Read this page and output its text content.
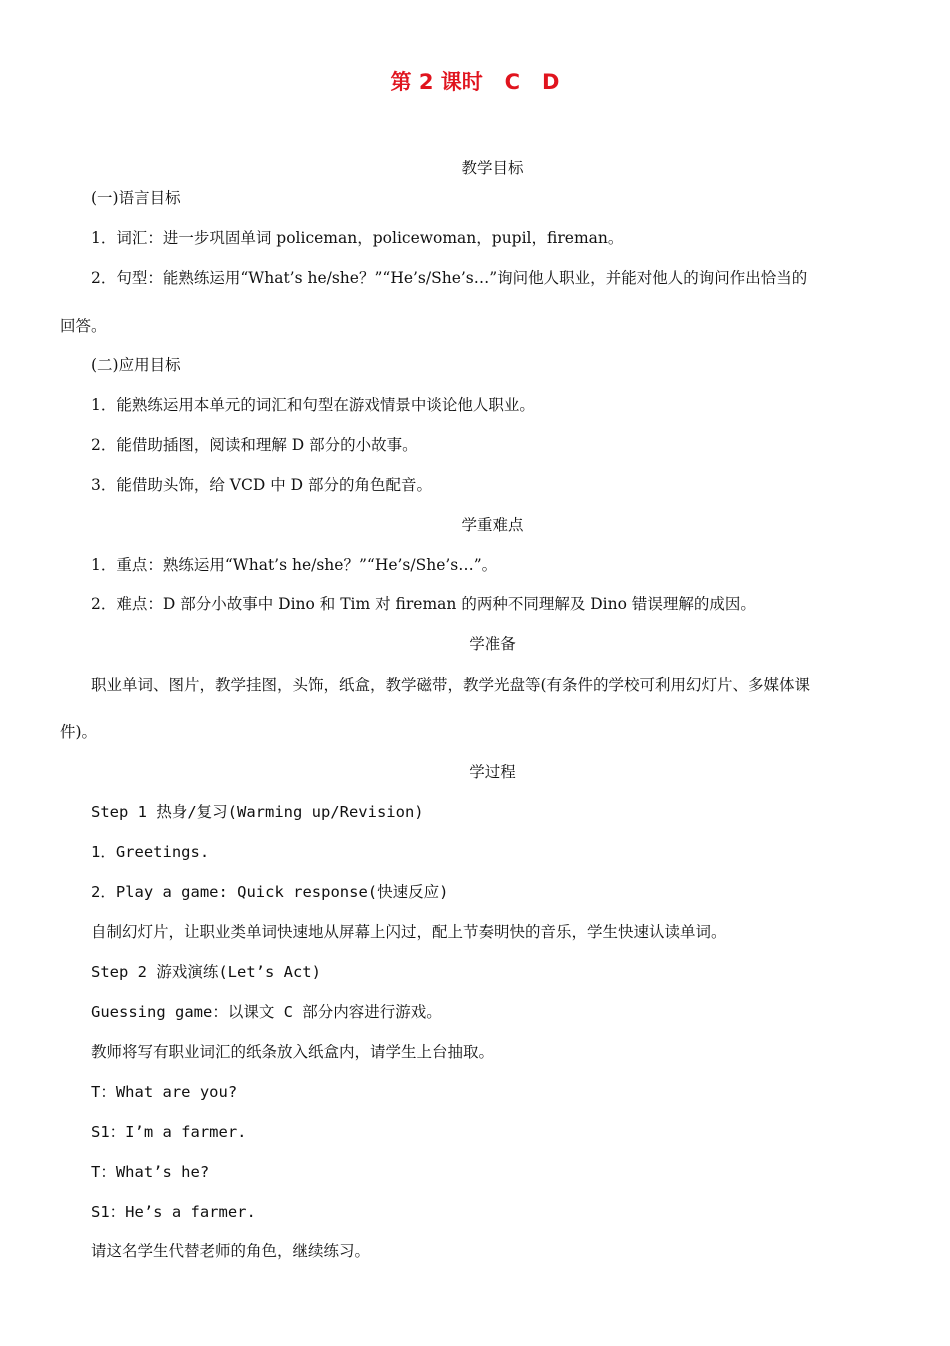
第 2 课时   C   D
教学目标
(一)语言目标
1．词汇：进一步巩固单词 policeman，policewoman，pupil，fireman。
2．句型：能熟练运用“What’s he/she？”“He’s/She’s…”询问他人职业，并能对他人的询问作出恰当的
回答。
(二)应用目标
1．能熟练运用本单元的词汇和句型在游戏情景中谈论他人职业。
2．能借助插图，阅读和理解 D 部分的小故事。
3．能借助头饰，给 VCD 中 D 部分的角色配音。
学重难点
1．重点：熟练运用“What’s he/she？”“He’s/She’s…”。
2．难点：D 部分小故事中 Dino 和 Tim 对 fireman 的两种不同理解及 Dino 错误理解的成因。
学准备
职业单词、图片，教学挂图，头饰，纸盒，教学磁带，教学光盘等(有条件的学校可利用幻灯片、多媒体课
件)。
学过程
Step 1 热身/复习(Warming up/Revision)
1．Greetings.
2．Play a game: Quick response(快速反应)
自制幻灯片，让职业类单词快速地从屏幕上闪过，配上节奏明快的音乐，学生快速认读单词。
Step 2 游戏演练(Let’s Act)
Guessing game：以课文 C 部分内容进行游戏。
教师将写有职业词汇的纸条放入纸盒内，请学生上台抽取。
T：What are you?
S1：I’m a farmer.
T：What’s he?
S1：He’s a farmer.
请这名学生代替老师的角色，继续练习。
